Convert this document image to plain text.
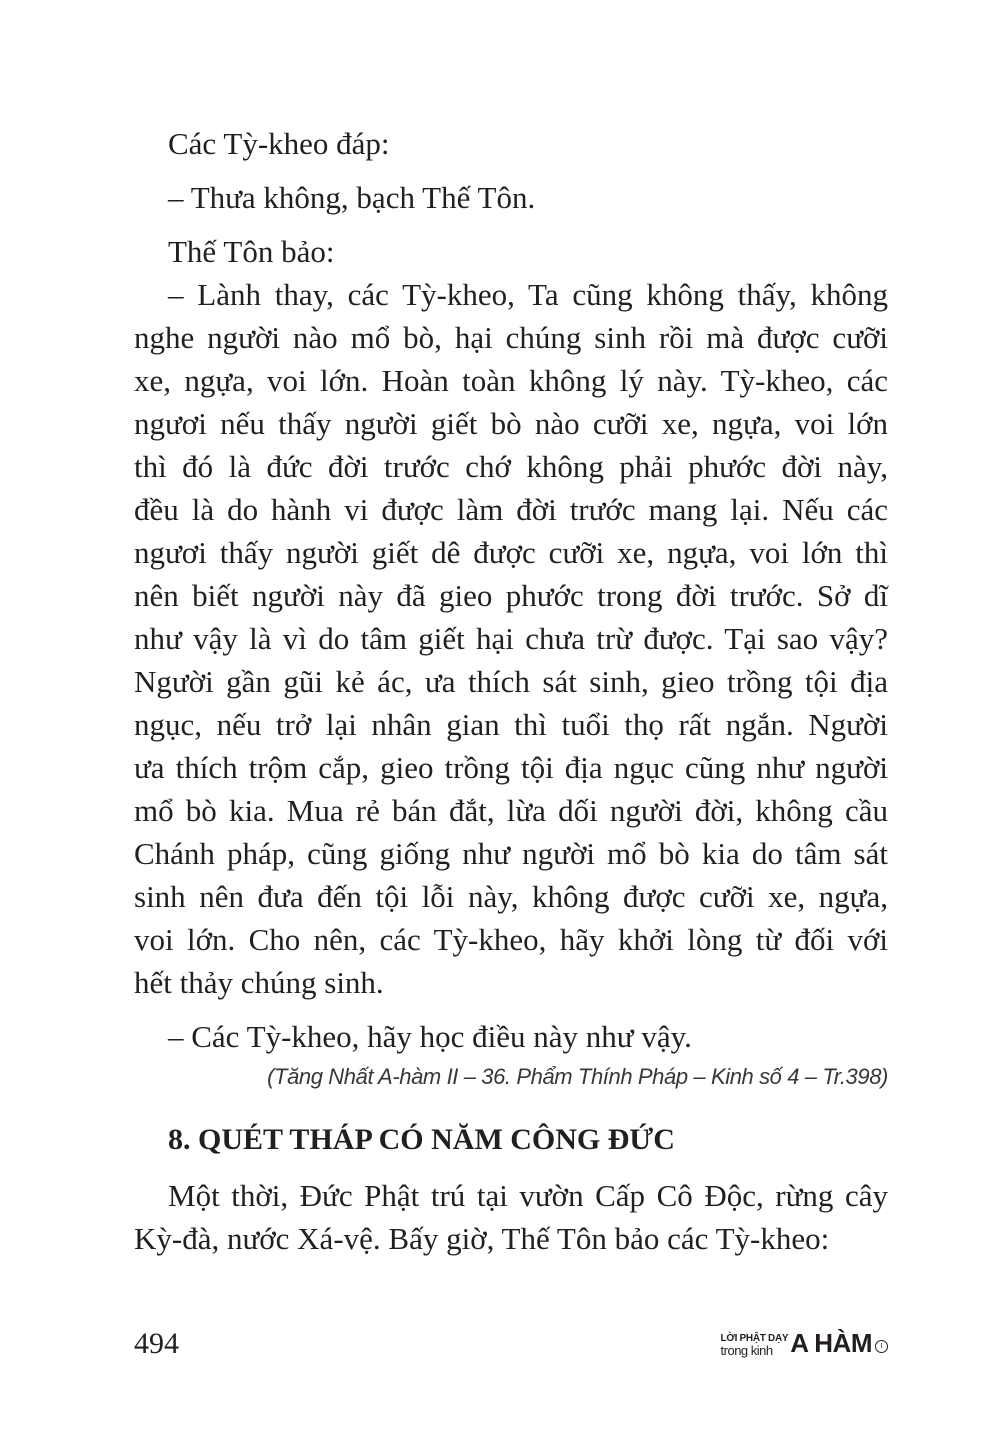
Các Tỳ-kheo đáp:

– Thưa không, bạch Thế Tôn.

Thế Tôn bảo:

– Lành thay, các Tỳ-kheo, Ta cũng không thấy, không
nghe người nào mổ bò, hại chúng sinh rồi mà được cưỡi
xe, ngựa, voi lớn. Hoàn toàn không lý này. Tỳ-kheo, các
ngươi nếu thấy người giết bò nào cưỡi xe, ngựa, voi lớn
thì đó là đức đời trước chớ không phải phước đời này,
đều là do hành vi được làm đời trước mang lại. Nếu các
ngươi thấy người giết dê được cưỡi xe, ngựa, voi lớn thì
nên biết người này đã gieo phước trong đời trước. Sở dĩ
như vậy là vì do tâm giết hại chưa trừ được. Tại sao vậy?
Người gần gũi kẻ ác, ưa thích sát sinh, gieo trồng tội địa
ngục, nếu trở lại nhân gian thì tuổi thọ rất ngắn. Người
ưa thích trộm cắp, gieo trồng tội địa ngục cũng như người
mổ bò kia. Mua rẻ bán đắt, lừa dối người đời, không cầu
Chánh pháp, cũng giống như người mổ bò kia do tâm sát
sinh nên đưa đến tội lỗi này, không được cưỡi xe, ngựa,
voi lớn. Cho nên, các Tỳ-kheo, hãy khởi lòng từ đối với
hết thảy chúng sinh.

– Các Tỳ-kheo, hãy học điều này như vậy.

(Tăng Nhất A-hàm II – 36. Phẩm Thính Pháp – Kinh số 4 – Tr.398)
8. QUÉT THÁP CÓ NĂM CÔNG ĐỨC
Một thời, Đức Phật trú tại vườn Cấp Cô Độc, rừng cây
Kỳ-đà, nước Xá-vệ. Bấy giờ, Thế Tôn bảo các Tỳ-kheo:
494	LỜI PHẬT DẠY
trong kinh A HÀM	I
